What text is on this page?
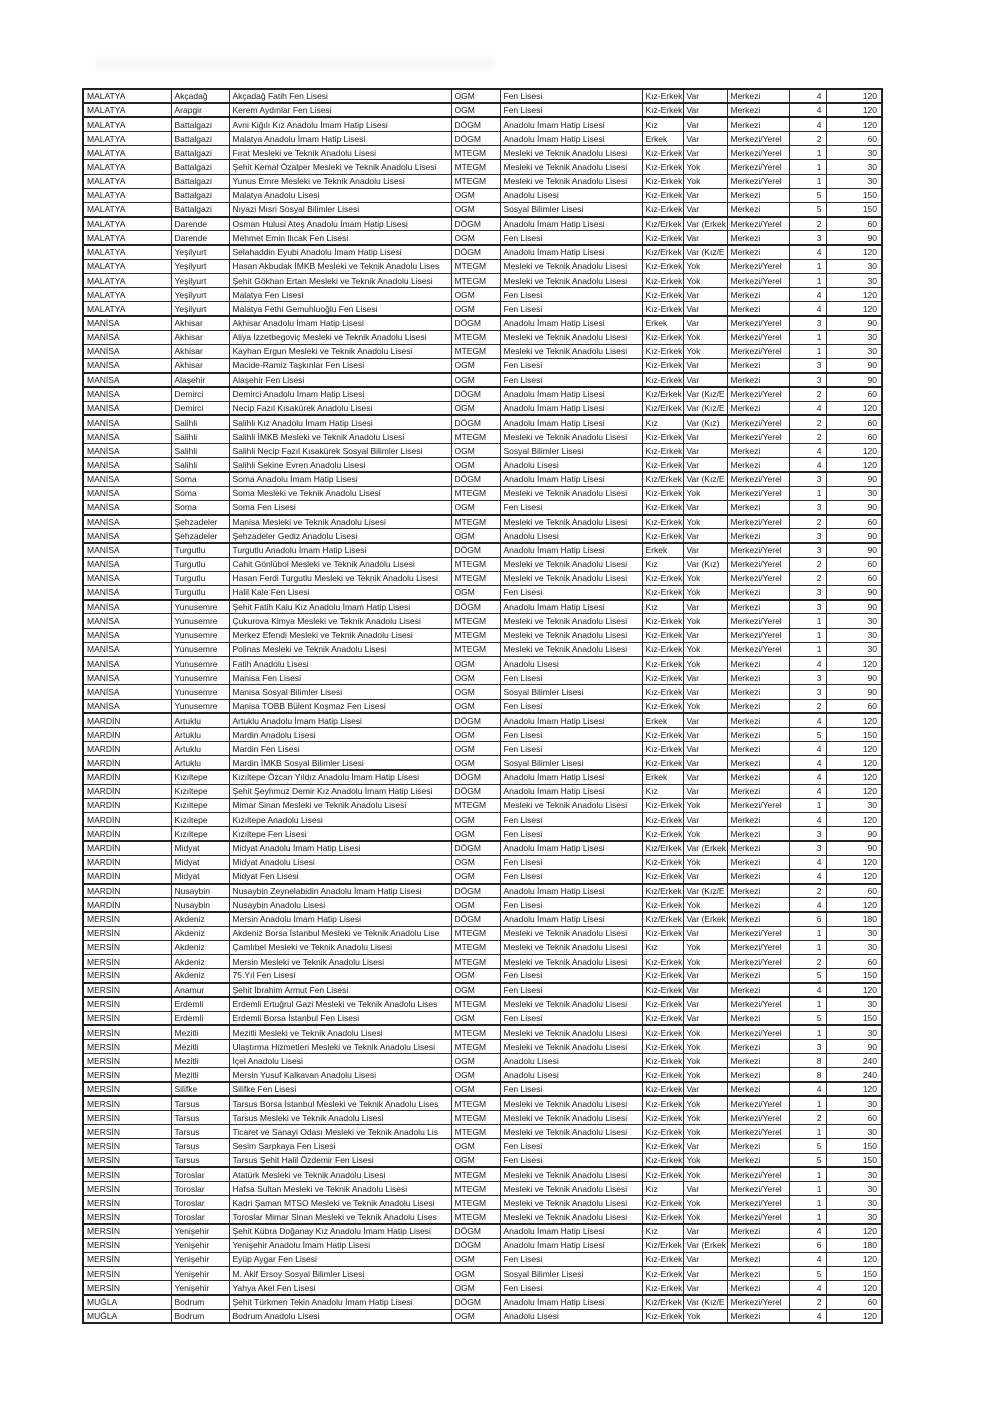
MALATYA	Akçadağ	Akçadağ Fatih Fen Lisesi	OGM	Fen Lisesi	Kız-Erkek	Var	Merkezi	4	120
MALATYA	Arapgir	Kerem Aydınlar Fen Lisesi	OGM	Fen Lisesi	Kız-Erkek	Var	Merkezi	4	120
MALATYA	Battalgazi	Avni Kiğılı Kız Anadolu İmam Hatip Lisesi	DÖGM	Anadolu İmam Hatip Lisesi	Kız	Var	Merkezi	4	120
MALATYA	Battalgazi	Malatya Anadolu İmam Hatip Lisesi	DÖGM	Anadolu İmam Hatip Lisesi	Erkek	Var	Merkezi/Yerel	2	60
MALATYA	Battalgazi	Fırat Mesleki ve Teknik Anadolu Lisesi	MTEGM	Mesleki ve Teknik Anadolu Lisesi	Kız-Erkek	Var	Merkezi/Yerel	1	30
MALATYA	Battalgazi	Şehit Kemal Özalper Mesleki ve Teknik Anadolu Lisesi	MTEGM	Mesleki ve Teknik Anadolu Lisesi	Kız-Erkek	Yok	Merkezi/Yerel	1	30
MALATYA	Battalgazi	Yunus Emre Mesleki ve Teknik Anadolu Lisesi	MTEGM	Mesleki ve Teknik Anadolu Lisesi	Kız-Erkek	Yok	Merkezi/Yerel	1	30
MALATYA	Battalgazi	Malatya Anadolu Lisesi	OGM	Anadolu Lisesi	Kız-Erkek	Var	Merkezi	5	150
MALATYA	Battalgazi	Nıyazi Mısri Sosyal Bilimler Lisesi	OGM	Sosyal Bilimler Lisesi	Kız-Erkek	Var	Merkezi	5	150
MALATYA	Darende	Osman Hulusi Ateş Anadolu İmam Hatip Lisesi	DÖGM	Anadolu İmam Hatip Lisesi	Kız/Erkek	Var (Erkek	Merkezi/Yerel	2	60
MALATYA	Darende	Mehmet Emin Ilıcak Fen Lisesi	OGM	Fen Lisesi	Kız-Erkek	Var	Merkezi	3	90
MALATYA	Yeşilyurt	Selahaddin Eyubi Anadolu İmam Hatip Lisesi	DÖGM	Anadolu İmam Hatip Lisesi	Kız/Erkek	Var (Kız/E	Merkezi	4	120
MALATYA	Yeşilyurt	Hasan Akbudak İMKB Mesleki ve Teknik Anadolu Lises	MTEGM	Mesleki ve Teknik Anadolu Lisesi	Kız-Erkek	Yok	Merkezi/Yerel	1	30
MALATYA	Yeşilyurt	Şehit Gökhan Ertan Mesleki ve Teknik Anadolu Lisesi	MTEGM	Mesleki ve Teknik Anadolu Lisesi	Kız-Erkek	Yok	Merkezi/Yerel	1	30
MALATYA	Yeşilyurt	Malatya Fen Lisesi	OGM	Fen Lisesi	Kız-Erkek	Var	Merkezi	4	120
MALATYA	Yeşilyurt	Malatya Fethi Gemuhluoğlu Fen Lisesi	OGM	Fen Lisesi	Kız-Erkek	Var	Merkezi	4	120
MANİSA	Akhisar	Akhisar Anadolu İmam Hatip Lisesi	DÖGM	Anadolu İmam Hatip Lisesi	Erkek	Var	Merkezi/Yerel	3	90
MANİSA	Akhisar	Aliya İzzetbegoviç Mesleki ve Teknik Anadolu Lisesi	MTEGM	Mesleki ve Teknik Anadolu Lisesi	Kız-Erkek	Yok	Merkezi/Yerel	1	30
MANİSA	Akhisar	Kayhan Ergun Mesleki ve Teknik Anadolu Lisesi	MTEGM	Mesleki ve Teknik Anadolu Lisesi	Kız-Erkek	Yok	Merkezi/Yerel	1	30
MANİSA	Akhisar	Macide-Ramiz Taşkınlar Fen Lisesi	OGM	Fen Lisesi	Kız-Erkek	Var	Merkezi	3	90
MANİSA	Alaşehir	Alaşehir Fen Lisesi	OGM	Fen Lisesi	Kız-Erkek	Var	Merkezi	3	90
MANİSA	Demirci	Demirci Anadolu İmam Hatip Lisesi	DÖGM	Anadolu İmam Hatip Lisesi	Kız/Erkek	Var (Kız/E	Merkezi/Yerel	2	60
MANİSA	Demirci	Necip Fazıl Kısakürek Anadolu Lisesi	OGM	Anadolu İmam Hatip Lisesi	Kız/Erkek	Var (Kız/E	Merkezi	4	120
MANİSA	Salihli	Salihli Kız Anadolu İmam Hatip Lisesi	DÖGM	Anadolu İmam Hatip Lisesi	Kız	Var (Kız)	Merkezi/Yerel	2	60
MANİSA	Salihli	Salihli İMKB Mesleki ve Teknik Anadolu Lisesi	MTEGM	Mesleki ve Teknik Anadolu Lisesi	Kız-Erkek	Var	Merkezi/Yerel	2	60
MANİSA	Salihli	Salihli Necip Fazıl Kısakürek Sosyal Bilimler Lisesi	OGM	Sosyal Bilimler Lisesi	Kız-Erkek	Var	Merkezi	4	120
MANİSA	Salihli	Salihli Sekine Evren Anadolu Lisesi	OGM	Anadolu Lisesi	Kız-Erkek	Var	Merkezi	4	120
MANİSA	Soma	Soma Anadolu İmam Hatip Lisesi	DÖGM	Anadolu İmam Hatip Lisesi	Kız/Erkek	Var (Kız/E	Merkezi/Yerel	3	90
MANİSA	Soma	Soma Mesleki ve Teknik Anadolu Lisesi	MTEGM	Mesleki ve Teknik Anadolu Lisesi	Kız-Erkek	Yok	Merkezi/Yerel	1	30
MANİSA	Soma	Soma Fen Lisesi	OGM	Fen Lisesi	Kız-Erkek	Var	Merkezi	3	90
MANİSA	Şehzadeler	Manisa Mesleki ve Teknik Anadolu Lisesi	MTEGM	Mesleki ve Teknik Anadolu Lisesi	Kız-Erkek	Yok	Merkezi/Yerel	2	60
MANİSA	Şehzadeler	Şehzadeler Gediz Anadolu Lisesi	OGM	Anadolu Lisesi	Kız-Erkek	Var	Merkezi	3	90
MANİSA	Turgutlu	Turgutlu Anadolu İmam Hatip Lisesi	DÖGM	Anadolu İmam Hatip Lisesi	Erkek	Var	Merkezi/Yerel	3	90
MANİSA	Turgutlu	Cahit Gönlübol Mesleki ve Teknik Anadolu Lisesi	MTEGM	Mesleki ve Teknik Anadolu Lisesi	Kız	Var (Kız)	Merkezi/Yerel	2	60
MANİSA	Turgutlu	Hasan Ferdi Turgutlu Mesleki ve Teknik Anadolu Lisesi	MTEGM	Mesleki ve Teknik Anadolu Lisesi	Kız-Erkek	Yok	Merkezi/Yerel	2	60
MANİSA	Turgutlu	Halil Kale Fen Lisesi	OGM	Fen Lisesi	Kız-Erkek	Yok	Merkezi	3	90
MANİSA	Yunusemre	Şehit Fatih Kalu Kız Anadolu İmam Hatip Lisesi	DÖGM	Anadolu İmam Hatip Lisesi	Kız	Var	Merkezi	3	90
MANİSA	Yunusemre	Çukurova Kimya Mesleki ve Teknik Anadolu Lisesi	MTEGM	Mesleki ve Teknik Anadolu Lisesi	Kız-Erkek	Yok	Merkezi/Yerel	1	30
MANİSA	Yunusemre	Merkez Efendi Mesleki ve Teknik Anadolu Lisesi	MTEGM	Mesleki ve Teknik Anadolu Lisesi	Kız-Erkek	Var	Merkezi/Yerel	1	30
MANİSA	Yunusemre	Polinas Mesleki ve Teknik Anadolu Lisesi	MTEGM	Mesleki ve Teknik Anadolu Lisesi	Kız-Erkek	Yok	Merkezi/Yerel	1	30
MANİSA	Yunusemre	Fatih Anadolu Lisesi	OGM	Anadolu Lisesi	Kız-Erkek	Yok	Merkezi	4	120
MANİSA	Yunusemre	Manisa Fen Lisesi	OGM	Fen Lisesi	Kız-Erkek	Var	Merkezi	3	90
MANİSA	Yunusemre	Manisa Sosyal Bilimler Lisesi	OGM	Sosyal Bilimler Lisesi	Kız-Erkek	Var	Merkezi	3	90
MANİSA	Yunusemre	Manisa TOBB Bülent Koşmaz Fen Lisesi	OGM	Fen Lisesi	Kız-Erkek	Yok	Merkezi	2	60
MARDİN	Artuklu	Artuklu Anadolu İmam Hatip Lisesi	DÖGM	Anadolu İmam Hatip Lisesi	Erkek	Var	Merkezi	4	120
MARDİN	Artuklu	Mardin Anadolu Lisesi	OGM	Fen Lisesi	Kız-Erkek	Var	Merkezi	5	150
MARDİN	Artuklu	Mardin Fen Lisesi	OGM	Fen Lisesi	Kız-Erkek	Var	Merkezi	4	120
MARDİN	Artuklu	Mardin İMKB Sosyal Bilimler Lisesi	OGM	Sosyal Bilimler Lisesi	Kız-Erkek	Var	Merkezi	4	120
MARDİN	Kızıltepe	Kızıltepe Özcan Yıldız Anadolu İmam Hatip Lisesi	DÖGM	Anadolu İmam Hatip Lisesi	Erkek	Var	Merkezi	4	120
MARDİN	Kızıltepe	Şehit Şeyhmuz Demir Kız Anadolu İmam Hatip Lisesi	DÖGM	Anadolu İmam Hatip Lisesi	Kız	Var	Merkezi	4	120
MARDİN	Kızıltepe	Mimar Sinan Mesleki ve Teknik Anadolu Lisesi	MTEGM	Mesleki ve Teknik Anadolu Lisesi	Kız-Erkek	Yok	Merkezi/Yerel	1	30
MARDİN	Kızıltepe	Kızıltepe Anadolu Lisesi	OGM	Fen Lisesi	Kız-Erkek	Var	Merkezi	4	120
MARDİN	Kızıltepe	Kızıltepe Fen Lisesi	OGM	Fen Lisesi	Kız-Erkek	Yok	Merkezi	3	90
MARDİN	Midyat	Midyat Anadolu İmam Hatip Lisesi	DÖGM	Anadolu İmam Hatip Lisesi	Kız/Erkek	Var (Erkek	Merkezi	3	90
MARDİN	Midyat	Midyat Anadolu Lisesi	OGM	Fen Lisesi	Kız-Erkek	Yok	Merkezi	4	120
MARDİN	Midyat	Midyat Fen Lisesi	OGM	Fen Lisesi	Kız-Erkek	Var	Merkezi	4	120
MARDİN	Nusaybin	Nusaybin Zeynelabidin Anadolu İmam Hatip Lisesi	DÖGM	Anadolu İmam Hatip Lisesi	Kız/Erkek	Var (Kız/E	Merkezi	2	60
MARDİN	Nusaybin	Nusaybin Anadolu Lisesi	OGM	Fen Lisesi	Kız-Erkek	Yok	Merkezi	4	120
MERSİN	Akdeniz	Mersin Anadolu İmam Hatip Lisesi	DÖGM	Anadolu İmam Hatip Lisesi	Kız/Erkek	Var (Erkek	Merkezi	6	180
MERSİN	Akdeniz	Akdeniz Borsa İstanbul Mesleki ve Teknik Anadolu Lise	MTEGM	Mesleki ve Teknik Anadolu Lisesi	Kız-Erkek	Var	Merkezi/Yerel	1	30
MERSİN	Akdeniz	Çamlıbel Mesleki ve Teknik Anadolu Lisesi	MTEGM	Mesleki ve Teknik Anadolu Lisesi	Kız	Yok	Merkezi/Yerel	1	30
MERSİN	Akdeniz	Mersin Mesleki ve Teknik Anadolu Lisesi	MTEGM	Mesleki ve Teknik Anadolu Lisesi	Kız-Erkek	Yok	Merkezi/Yerel	2	60
MERSİN	Akdeniz	75.Yıl Fen Lisesi	OGM	Fen Lisesi	Kız-Erkek	Var	Merkezi	5	150
MERSİN	Anamur	Şehit İbrahim Armut Fen Lisesi	OGM	Fen Lisesi	Kız-Erkek	Var	Merkezi	4	120
MERSİN	Erdemli	Erdemli Ertuğrul Gazi Mesleki ve Teknik Anadolu Lises	MTEGM	Mesleki ve Teknik Anadolu Lisesi	Kız-Erkek	Var	Merkezi/Yerel	1	30
MERSİN	Erdemli	Erdemli Borsa İstanbul Fen Lisesi	OGM	Fen Lisesi	Kız-Erkek	Var	Merkezi	5	150
MERSİN	Mezitli	Mezitli Mesleki ve Teknik Anadolu Lisesi	MTEGM	Mesleki ve Teknik Anadolu Lisesi	Kız-Erkek	Yok	Merkezi/Yerel	1	30
MERSİN	Mezitli	Ulaştırma Hizmetleri Mesleki ve Teknik Anadolu Lisesi	MTEGM	Mesleki ve Teknik Anadolu Lisesi	Kız-Erkek	Yok	Merkezi	3	90
MERSİN	Mezitli	İçel Anadolu Lisesi	OGM	Anadolu Lisesi	Kız-Erkek	Yok	Merkezi	8	240
MERSİN	Mezitli	Mersin Yusuf Kalkavan Anadolu Lisesi	OGM	Anadolu Lisesi	Kız-Erkek	Yok	Merkezi	8	240
MERSİN	Silifke	Silifke Fen Lisesi	OGM	Fen Lisesi	Kız-Erkek	Var	Merkezi	4	120
MERSİN	Tarsus	Tarsus Borsa İstanbul Mesleki ve Teknik Anadolu Lises	MTEGM	Mesleki ve Teknik Anadolu Lisesi	Kız-Erkek	Yok	Merkezi/Yerel	1	30
MERSİN	Tarsus	Tarsus Mesleki ve Teknik Anadolu Lisesi	MTEGM	Mesleki ve Teknik Anadolu Lisesi	Kız-Erkek	Yok	Merkezi/Yerel	2	60
MERSİN	Tarsus	Ticaret ve Sanayi Odası Mesleki ve Teknik Anadolu Lis	MTEGM	Mesleki ve Teknik Anadolu Lisesi	Kız-Erkek	Yok	Merkezi/Yerel	1	30
MERSİN	Tarsus	Sesim Sarpkaya Fen Lisesi	OGM	Fen Lisesi	Kız-Erkek	Var	Merkezi	5	150
MERSİN	Tarsus	Tarsus Şehit Halil Özdemir Fen Lisesi	OGM	Fen Lisesi	Kız-Erkek	Yok	Merkezi	5	150
MERSİN	Toroslar	Atatürk Mesleki ve Teknik Anadolu Lisesi	MTEGM	Mesleki ve Teknik Anadolu Lisesi	Kız-Erkek	Yok	Merkezi/Yerel	1	30
MERSİN	Toroslar	Hafsa Sultan Mesleki ve Teknik Anadolu Lisesi	MTEGM	Mesleki ve Teknik Anadolu Lisesi	Kız	Var	Merkezi/Yerel	1	30
MERSİN	Toroslar	Kadri Şaman MTSO Mesleki ve Teknik Anadolu Lisesi	MTEGM	Mesleki ve Teknik Anadolu Lisesi	Kız-Erkek	Yok	Merkezi/Yerel	1	30
MERSİN	Toroslar	Toroslar Mimar Sinan Mesleki ve Teknik Anadolu Lises	MTEGM	Mesleki ve Teknik Anadolu Lisesi	Kız-Erkek	Yok	Merkezi/Yerel	1	30
MERSİN	Yenişehir	Şehit Kübra Doğanay Kız Anadolu İmam Hatip Lisesi	DÖGM	Anadolu İmam Hatip Lisesi	Kız	Var	Merkezi	4	120
MERSİN	Yenişehir	Yenişehir Anadolu İmam Hatip Lisesi	DÖGM	Anadolu İmam Hatip Lisesi	Kız/Erkek	Var (Erkek	Merkezi	6	180
MERSİN	Yenişehir	Eyüp Aygar Fen Lisesi	OGM	Fen Lisesi	Kız-Erkek	Var	Merkezi	4	120
MERSİN	Yenişehir	M. Akif Ersoy Sosyal Bilimler Lisesi	OGM	Sosyal Bilimler Lisesi	Kız-Erkek	Var	Merkezi	5	150
MERSİN	Yenişehir	Yahya Akel Fen Lisesi	OGM	Fen Lisesi	Kız-Erkek	Var	Merkezi	4	120
MUĞLA	Bodrum	Şehit Türkmen Tekin Anadolu İmam Hatip Lisesi	DÖGM	Anadolu İmam Hatip Lisesi	Kız/Erkek	Var (Kız/E	Merkezi/Yerel	2	60
MUĞLA	Bodrum	Bodrum Anadolu Lisesi	OGM	Anadolu Lisesi	Kız-Erkek	Yok	Merkezi	4	120
